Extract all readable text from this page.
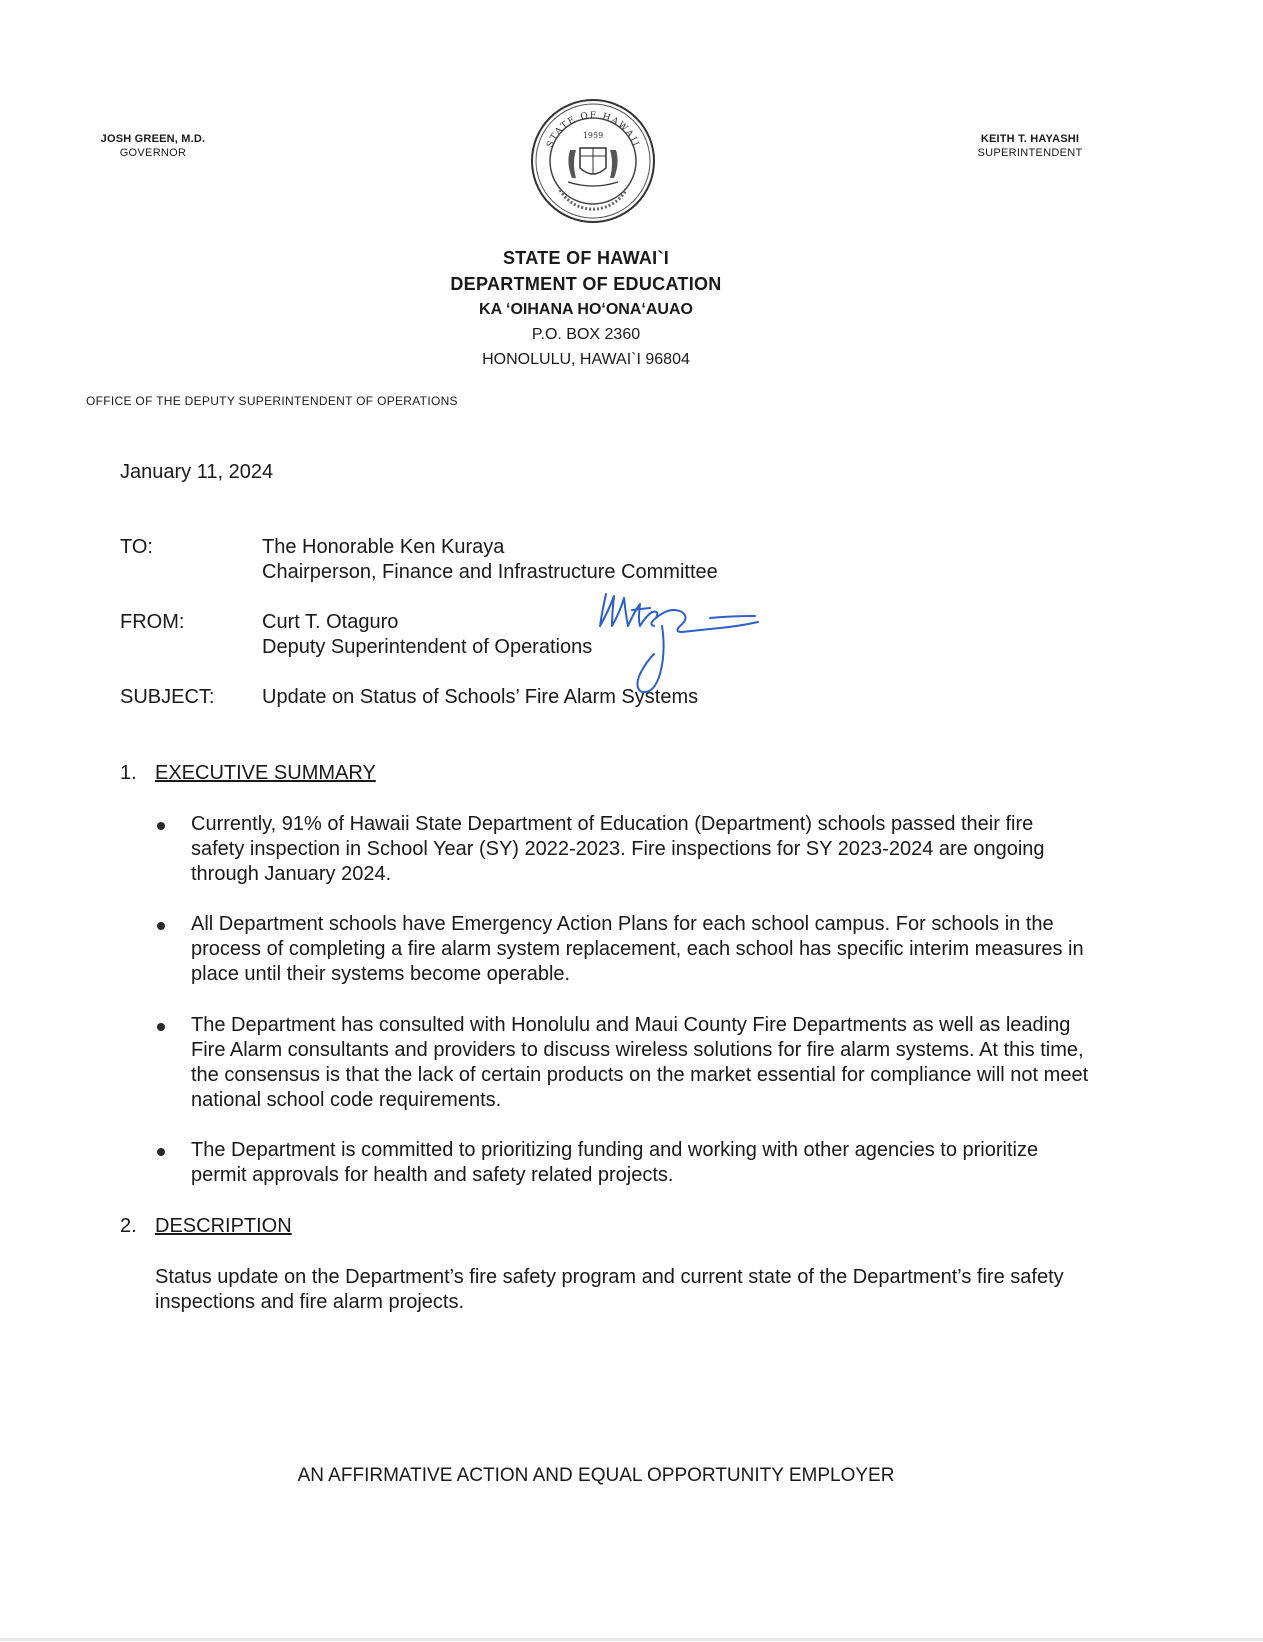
JOSH GREEN, M.D.
GOVERNOR
KEITH T. HAYASHI
SUPERINTENDENT
STATE OF HAWAII
1959
STATE OF HAWAI`I
DEPARTMENT OF EDUCATION
KA ‘OIHANA HO‘ONA‘AUAO
P.O. BOX 2360
HONOLULU, HAWAI`I 96804
OFFICE OF THE DEPUTY SUPERINTENDENT OF OPERATIONS
January 11, 2024
TO:	The Honorable Ken Kuraya
Chairperson, Finance and Infrastructure Committee
FROM:	Curt T. Otaguro
Deputy Superintendent of Operations
SUBJECT: Update on Status of Schools’ Fire Alarm Systems
1. EXECUTIVE SUMMARY
Currently, 91% of Hawaii State Department of Education (Department) schools passed their fire safety inspection in School Year (SY) 2022-2023. Fire inspections for SY 2023-2024 are ongoing through January 2024.
All Department schools have Emergency Action Plans for each school campus. For schools in the process of completing a fire alarm system replacement, each school has specific interim measures in place until their systems become operable.
The Department has consulted with Honolulu and Maui County Fire Departments as well as leading Fire Alarm consultants and providers to discuss wireless solutions for fire alarm systems. At this time, the consensus is that the lack of certain products on the market essential for compliance will not meet national school code requirements.
The Department is committed to prioritizing funding and working with other agencies to prioritize permit approvals for health and safety related projects.
2. DESCRIPTION
Status update on the Department’s fire safety program and current state of the Department’s fire safety inspections and fire alarm projects.
AN AFFIRMATIVE ACTION AND EQUAL OPPORTUNITY EMPLOYER
